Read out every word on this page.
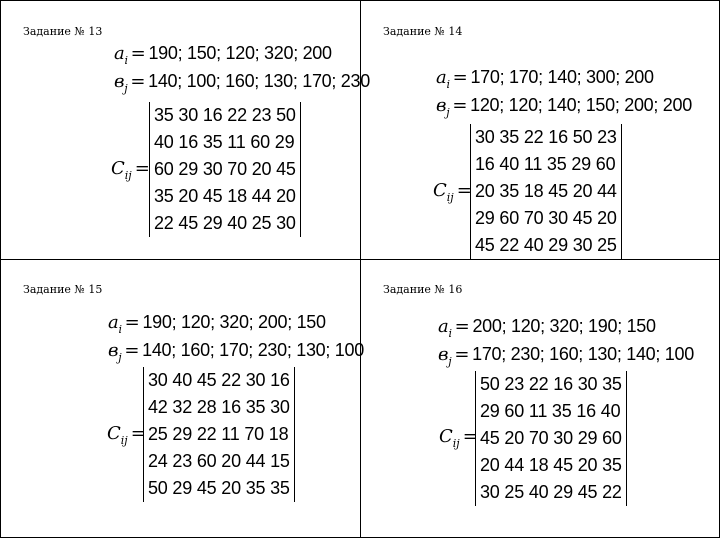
Задание № 13
$a_i = 190$; 150; 120; 320; 200
$в_j = 140$; 100; 160; 130; 170; 230
$C_{ij}$ =
35 30 16 22 23 50
40 16 35 11 60 29
60 29 30 70 20 45
35 20 45 18 44 20
22 45 29 40 25 30
Задание № 14
$a_i = 170$; 170; 140; 300; 200
$в_j = 120$; 120; 140; 150; 200; 200
$C_{ij}$ =
30 35 22 16 50 23
16 40 11 35 29 60
20 35 18 45 20 44
29 60 70 30 45 20
45 22 40 29 30 25
Задание № 15
$a_i = 190$; 120; 320; 200; 150
$в_j = 140$; 160; 170; 230; 130; 100
$C_{ij}$ =
30 40 45 22 30 16
42 32 28 16 35 30
25 29 22 11 70 18
24 23 60 20 44 15
50 29 45 20 35 35
Задание № 16
$a_i = 200$; 120; 320; 190; 150
$в_j = 170$; 230; 160; 130; 140; 100
$C_{ij}$ =
50 23 22 16 30 35
29 60 11 35 16 40
45 20 70 30 29 60
20 44 18 45 20 35
30 25 40 29 45 22
